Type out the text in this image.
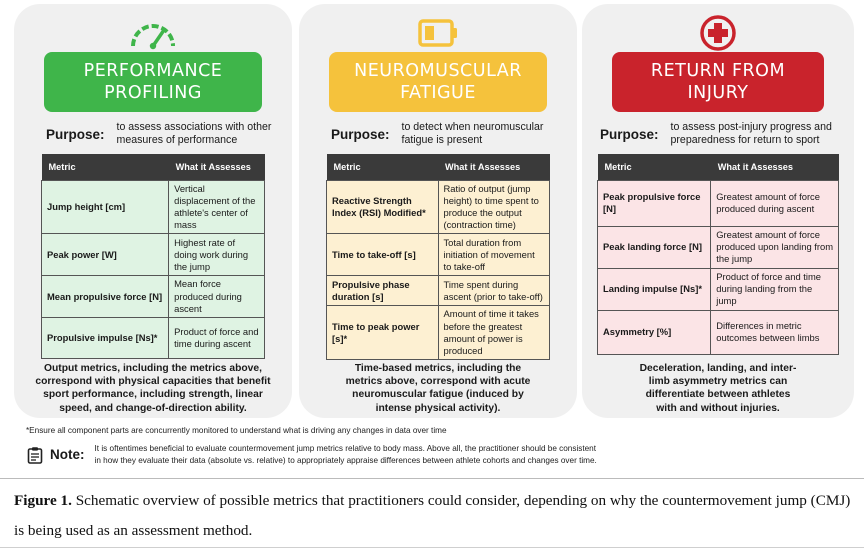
PERFORMANCE
PROFILING
Purpose: to assess associations with other
measures of performance
Metric	What it Assesses
Jump height [cm]	Vertical displacement of the athlete's center of mass
Peak power [W]	Highest rate of doing work during the jump
Mean propulsive force [N]	Mean force produced during ascent
Propulsive impulse [Ns]*	Product of force and time during ascent
Output metrics, including the metrics above,
correspond with physical capacities that benefit
sport performance, including strength, linear
speed, and change-of-direction ability.
NEUROMUSCULAR
FATIGUE
Purpose: to detect when neuromuscular
fatigue is present
Metric	What it Assesses
Reactive Strength Index (RSI) Modified*	Ratio of output (jump height) to time spent to produce the output (contraction time)
Time to take-off [s]	Total duration from initiation of movement to take-off
Propulsive phase duration [s]	Time spent during ascent (prior to take-off)
Time to peak power [s]*	Amount of time it takes before the greatest amount of power is produced
Time-based metrics, including the
metrics above, correspond with acute
neuromuscular fatigue (induced by
intense physical activity).
RETURN FROM
INJURY
Purpose: to assess post-injury progress and
preparedness for return to sport
Metric	What it Assesses
Peak propulsive force [N]	Greatest amount of force produced during ascent
Peak landing force [N]	Greatest amount of force produced upon landing from the jump
Landing impulse [Ns]*	Product of force and time during landing from the jump
Asymmetry [%]	Differences in metric outcomes between limbs
Deceleration, landing, and inter-
limb asymmetry metrics can
differentiate between athletes
with and without injuries.
*Ensure all component parts are concurrently monitored to understand what is driving any changes in data over time
Note: It is oftentimes beneficial to evaluate countermovement jump metrics relative to body mass. Above all, the practitioner should be consistent
in how they evaluate their data (absolute vs. relative) to appropriately appraise differences between athlete cohorts and changes over time.
Figure 1. Schematic overview of possible metrics that practitioners could consider, depending on why the countermovement jump (CMJ) is being used as an assessment method.
